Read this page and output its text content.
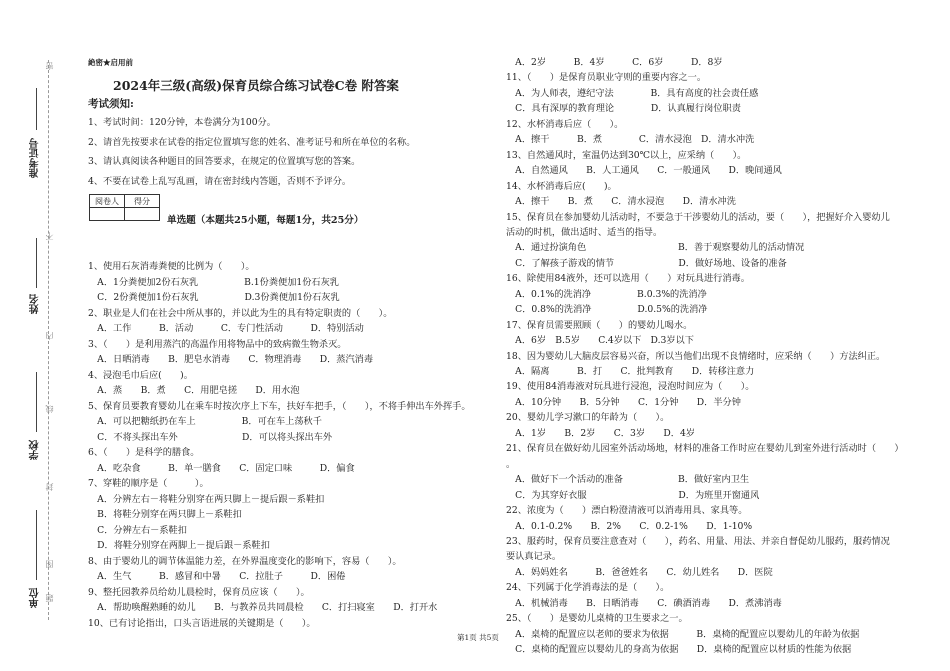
密
不
内
线
封
图
题
准考证号
姓名
学校
单位
絶密★启用前
2024年三级(高级)保育员综合练习试卷C卷 附答案
考试须知:
1、考试时间：120分钟，本卷满分为100分。
2、请首先按要求在试卷的指定位置填写您的姓名、准考证号和所在单位的名称。
3、请认真阅读各种题目的回答要求，在规定的位置填写您的答案。
4、不要在试卷上乱写乱画，请在密封线内答题，否则不予评分。
阅卷人	得分

单选题（本题共25小题，每题1分，共25分）
1、使用石灰消毒粪便的比例为（　　）。
　A．1分粪便加2份石灰乳　　　　　B.1份粪便加1份石灰乳
　C．2份粪便加1份石灰乳　　　　　D.3份粪便加1份石灰乳
2、职业是人们在社会中所从事的，并以此为生的具有特定职责的（　　）。
　A．工作　　　B．活动　　　C．专门性活动　　　D．特别活动
3、（　　）是利用蒸汽的高温作用将物品中的致病微生物杀灭。
　A．日晒消毒　　B．肥皂水消毒　　C．物理消毒　　D．蒸汽消毒
4、浸泡毛巾后应(　　)。
　A．蒸　　B．煮　　C．用肥皂搓　　D．用水泡
5、保育员要教育婴幼儿在乘车时按次序上下车，扶好车把手，（　　），不将手伸出车外挥手。
　A．可以把糖纸扔在车上　　　　　B．可在车上荡秋千
　C．不将头探出车外　　　　　　　D．可以将头探出车外
6、（　　）是科学的膳食。
　A．吃杂食　　　B．单一膳食　　C．固定口味　　　D．偏食
7、穿鞋的顺序是（　　　）。
　A．分辨左右－将鞋分别穿在两只脚上－提后跟－系鞋扣
　B．将鞋分别穿在两只脚上－系鞋扣
　C．分辨左右－系鞋扣
　D．将鞋分别穿在两脚上－提后跟－系鞋扣
8、由于婴幼儿的调节体温能力差，在外界温度变化的影响下，容易（　　）。
　A．生气　　　B．感冒和中暑　　C．拉肚子　　　D．困倦
9、整托园教养员给幼儿晨检时，保育员应该（　　）。
　A．帮助唤醒熟睡的幼儿　　B．与教养员共同晨检　　C．打扫寝室　　D．打开水
10、已有讨论指出，口头言语进展的关键期是（　　）。
　A．2岁　　　B．4岁　　　C．6岁　　　D．8岁
11、（　　）是保育员职业守则的重要内容之一。
　A．为人师表，遵纪守法　　　　B．具有高度的社会责任感
　C．具有深厚的教育理论　　　　D．认真履行岗位职责
12、水杯消毒后应（　　）。
　A．擦干　　　B．煮　　　　C．清水浸泡　D．清水冲洗
13、自然通风时，室温仍达到30℃以上，应采纳（　　）。
　A．自然通风　　B．人工通风　　C．一般通风　　D．晚间通风
14、水杯消毒后应(　　)。
　A．擦干　　B．煮　　C．清水浸泡　　D．清水冲洗
15、保育员在参加婴幼儿活动时，不要急于干涉婴幼儿的活动，要（　　），把握好介入婴幼儿
活动的时机，做出适时、适当的指导。
　A．通过扮演角色　　　　　　　　　　B．善于观察婴幼儿的活动情况
　C．了解孩子游戏的情节　　　　　　　D．做好场地、设备的准备
16、除使用84液外，还可以选用（　　）对玩具进行消毒。
　A．0.1%的洗消净　　　　　B.0.3%的洗消净
　C．0.8%的洗消净　　　　　D.0.5%的洗消净
17、保育员需要照顾（　　）的婴幼儿喝水。
　A．6岁　B.5岁　　C.4岁以下　D.3岁以下
18、因为婴幼儿大脑皮层容易兴奋，所以当他们出现不良情绪时，应采纳（　　）方法纠正。
　A．隔离　　　B．打　　C．批判教育　　D．转移注意力
19、使用84消毒液对玩具进行浸泡，浸泡时间应为（　　）。
　A．10分钟　　B．5分钟　　C．1分钟　　D．半分钟
20、婴幼儿学习漱口的年龄为（　　）。
　A．1岁　　B．2岁　　C．3岁　　D．4岁
21、保育员在做好幼儿园室外活动场地，材料的准备工作时应在婴幼儿到室外进行活动时（　　）
。
　A．做好下一个活动的准备　　　　　　B．做好室内卫生
　C．为其穿好衣服　　　　　　　　　　D．为班里开窗通风
22、浓度为（　　）漂白粉澄清液可以消毒用具、家具等。
　A．0.1-0.2%　　B．2%　　C．0.2-1%　　D．1-10%
23、服药时，保育员要注意查对（　　），药名、用量、用法、并亲自督促幼儿服药，服药情况
要认真记录。
　A．妈妈姓名　　　B．爸爸姓名　　C．幼儿姓名　　D．医院
24、下列属于化学消毒法的是（　　）。
　A．机械消毒　　B．日晒消毒　　C．碘酒消毒　　D．煮沸消毒
25、（　　）是婴幼儿桌椅的卫生要求之一。
　A．桌椅的配置应以老师的要求为依据　　　B．桌椅的配置应以婴幼儿的年龄为依据
　C．桌椅的配置应以婴幼儿的身高为依据　　D．桌椅的配置应以材质的性能为依据
第1页 共5页
